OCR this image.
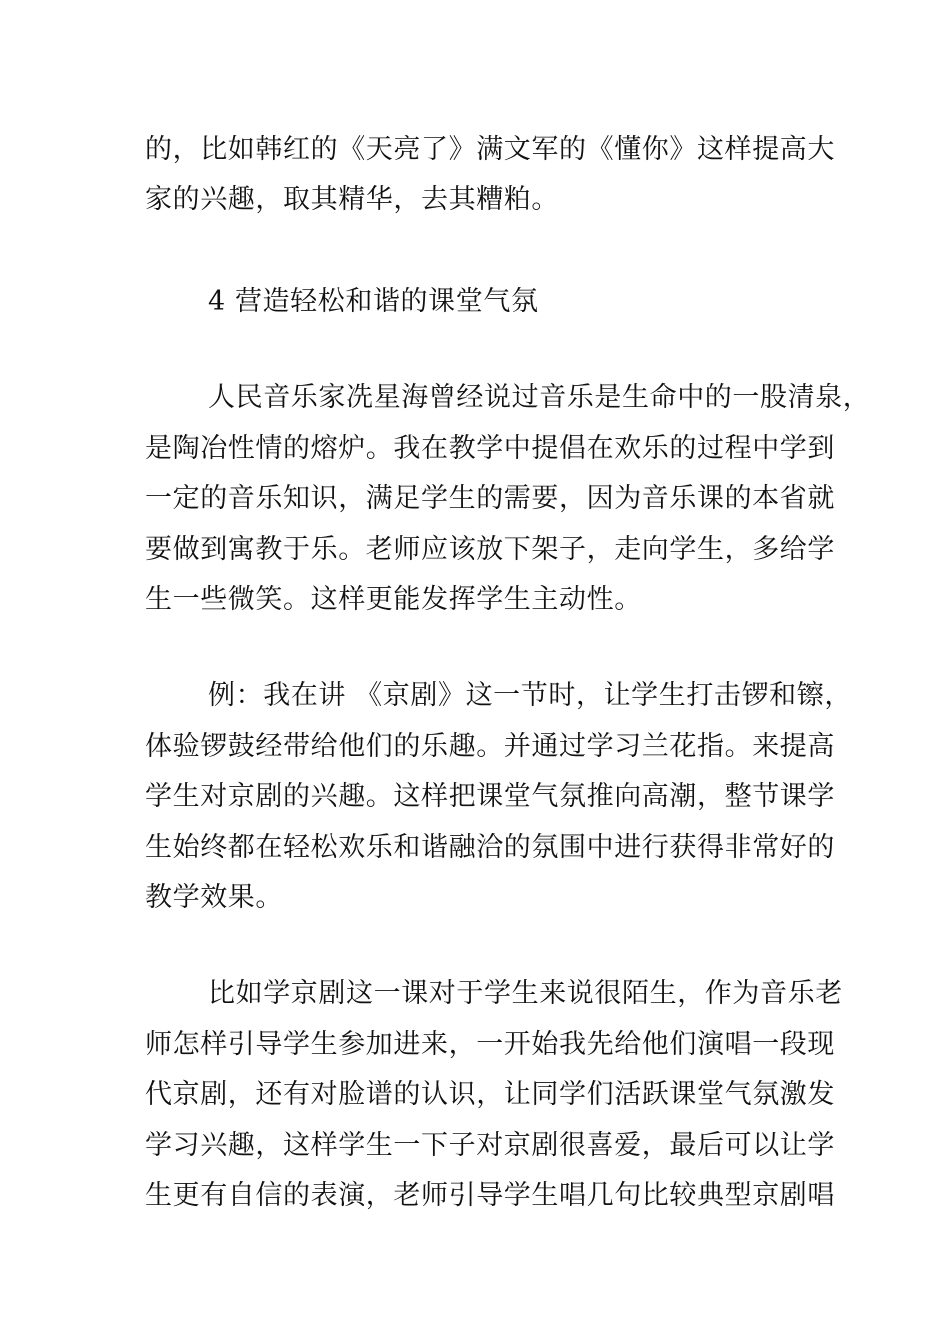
的，比如韩红的《天亮了》满文军的《懂你》这样提高大
家的兴趣，取其精华，去其糟粕。
4 营造轻松和谐的课堂气氛
人民音乐家冼星海曾经说过音乐是生命中的一股清泉，
是陶冶性情的熔炉。我在教学中提倡在欢乐的过程中学到
一定的音乐知识，满足学生的需要，因为音乐课的本省就
要做到寓教于乐。老师应该放下架子，走向学生，多给学
生一些微笑。这样更能发挥学生主动性。
例：我在讲 《京剧》这一节时，让学生打击锣和镲，
体验锣鼓经带给他们的乐趣。并通过学习兰花指。来提高
学生对京剧的兴趣。这样把课堂气氛推向高潮，整节课学
生始终都在轻松欢乐和谐融洽的氛围中进行获得非常好的
教学效果。
比如学京剧这一课对于学生来说很陌生，作为音乐老
师怎样引导学生参加进来，一开始我先给他们演唱一段现
代京剧，还有对脸谱的认识，让同学们活跃课堂气氛激发
学习兴趣，这样学生一下子对京剧很喜爱，最后可以让学
生更有自信的表演，老师引导学生唱几句比较典型京剧唱
